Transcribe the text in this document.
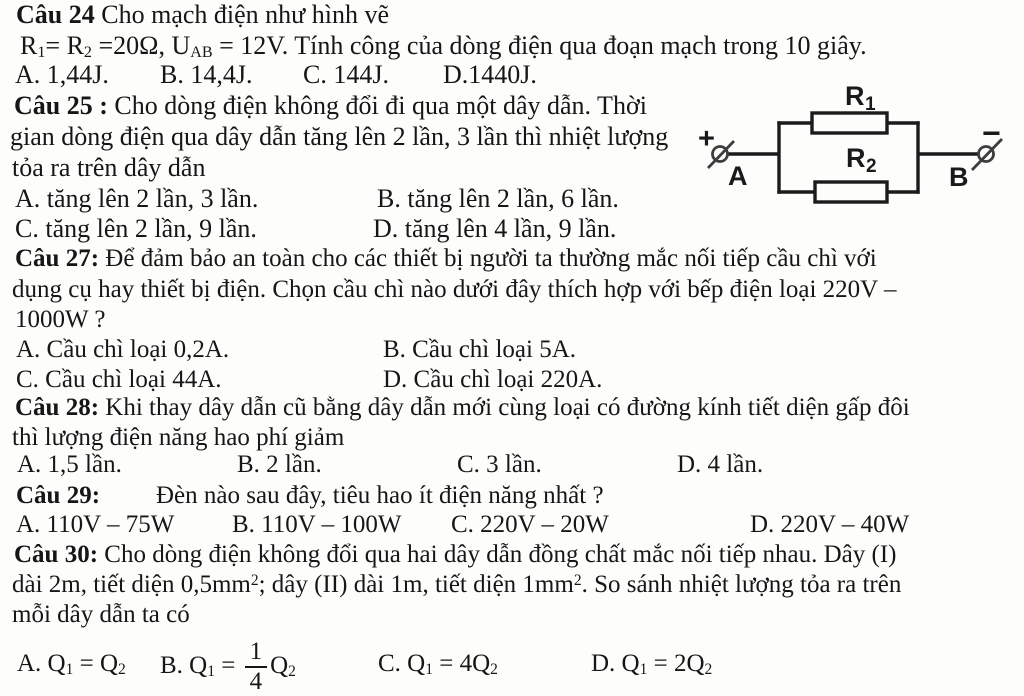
Câu 24 Cho mạch điện như hình vẽ
R1= R2 =20Ω, UAB = 12V. Tính công của dòng điện qua đoạn mạch trong 10 giây.
A. 1,44J. B. 14,4J. C. 144J. D.1440J.
Câu 25 : Cho dòng điện không đổi đi qua một dây dẫn. Thời
gian dòng điện qua dây dẫn tăng lên 2 lần, 3 lần thì nhiệt lượng
tỏa ra trên dây dẫn
A. tăng lên 2 lần, 3 lần.	B. tăng lên 2 lần, 6 lần.
C. tăng lên 2 lần, 9 lần.	D. tăng lên 4 lần, 9 lần.
Câu 27: Để đảm bảo an toàn cho các thiết bị người ta thường mắc nối tiếp cầu chì với
dụng cụ hay thiết bị điện. Chọn cầu chì nào dưới đây thích hợp với bếp điện loại 220V –
1000W ?
A. Cầu chì loại 0,2A.	B. Cầu chì loại 5A.
C. Cầu chì loại 44A.	D. Cầu chì loại 220A.
Câu 28: Khi thay dây dẫn cũ bằng dây dẫn mới cùng loại có đường kính tiết diện gấp đôi
thì lượng điện năng hao phí giảm
A. 1,5 lần.	B. 2 lần.	C. 3 lần.	D. 4 lần.
Câu 29: Đèn nào sau đây, tiêu hao ít điện năng nhất ?
A. 110V – 75W B. 110V – 100W C. 220V – 20W	D. 220V – 40W
Câu 30: Cho dòng điện không đổi qua hai dây dẫn đồng chất mắc nối tiếp nhau. Dây (I)
dài 2m, tiết diện $0,5mm^2$; dây (II) dài 1m, tiết diện $1mm^2$. So sánh nhiệt lượng tỏa ra trên
mỗi dây dẫn ta có
A. Q1 = Q2 B. $Q1 = \frac{1}{4} Q2$	C. Q1 = 4Q2	D. Q1 = 2Q2
+
A
−
B
R 1
R 2
